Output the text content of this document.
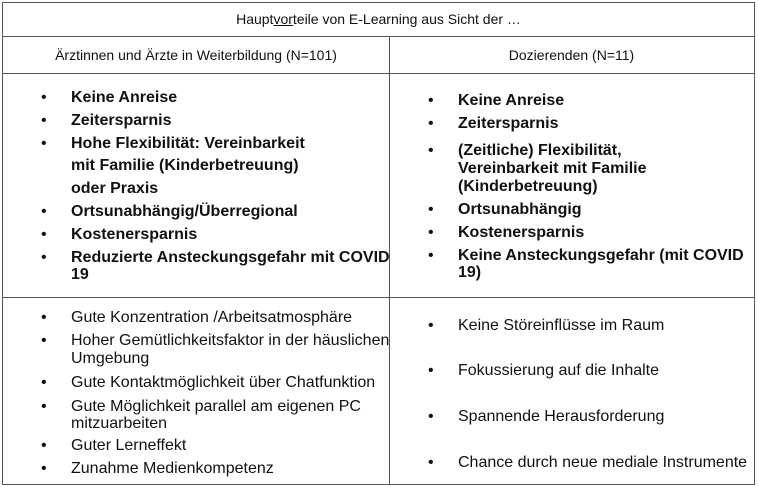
Hauptvorteile von E-Learning aus Sicht der …
Ärztinnen und Ärzte in Weiterbildung (N=101)	Dozierenden (N=11)
• Keine Anreise
• Zeitersparnis
• Hohe Flexibilität: Vereinbarkeit
mit Familie (Kinderbetreuung)
oder Praxis
• Ortsunabhängig/Überregional
• Kostenersparnis
• Reduzierte Ansteckungsgefahr mit COVID
19
• Keine Anreise
• Zeitersparnis
• (Zeitliche) Flexibilität,
Vereinbarkeit mit Familie
(Kinderbetreuung)
• Ortsunabhängig
• Kostenersparnis
• Keine Ansteckungsgefahr (mit COVID
19)
• Gute Konzentration /Arbeitsatmosphäre
• Hoher Gemütlichkeitsfaktor in der häuslichen
Umgebung
• Gute Kontaktmöglichkeit über Chatfunktion
• Gute Möglichkeit parallel am eigenen PC
mitzuarbeiten
• Guter Lerneffekt
• Zunahme Medienkompetenz
• Keine Störeinflüsse im Raum
• Fokussierung auf die Inhalte
• Spannende Herausforderung
• Chance durch neue mediale Instrumente
